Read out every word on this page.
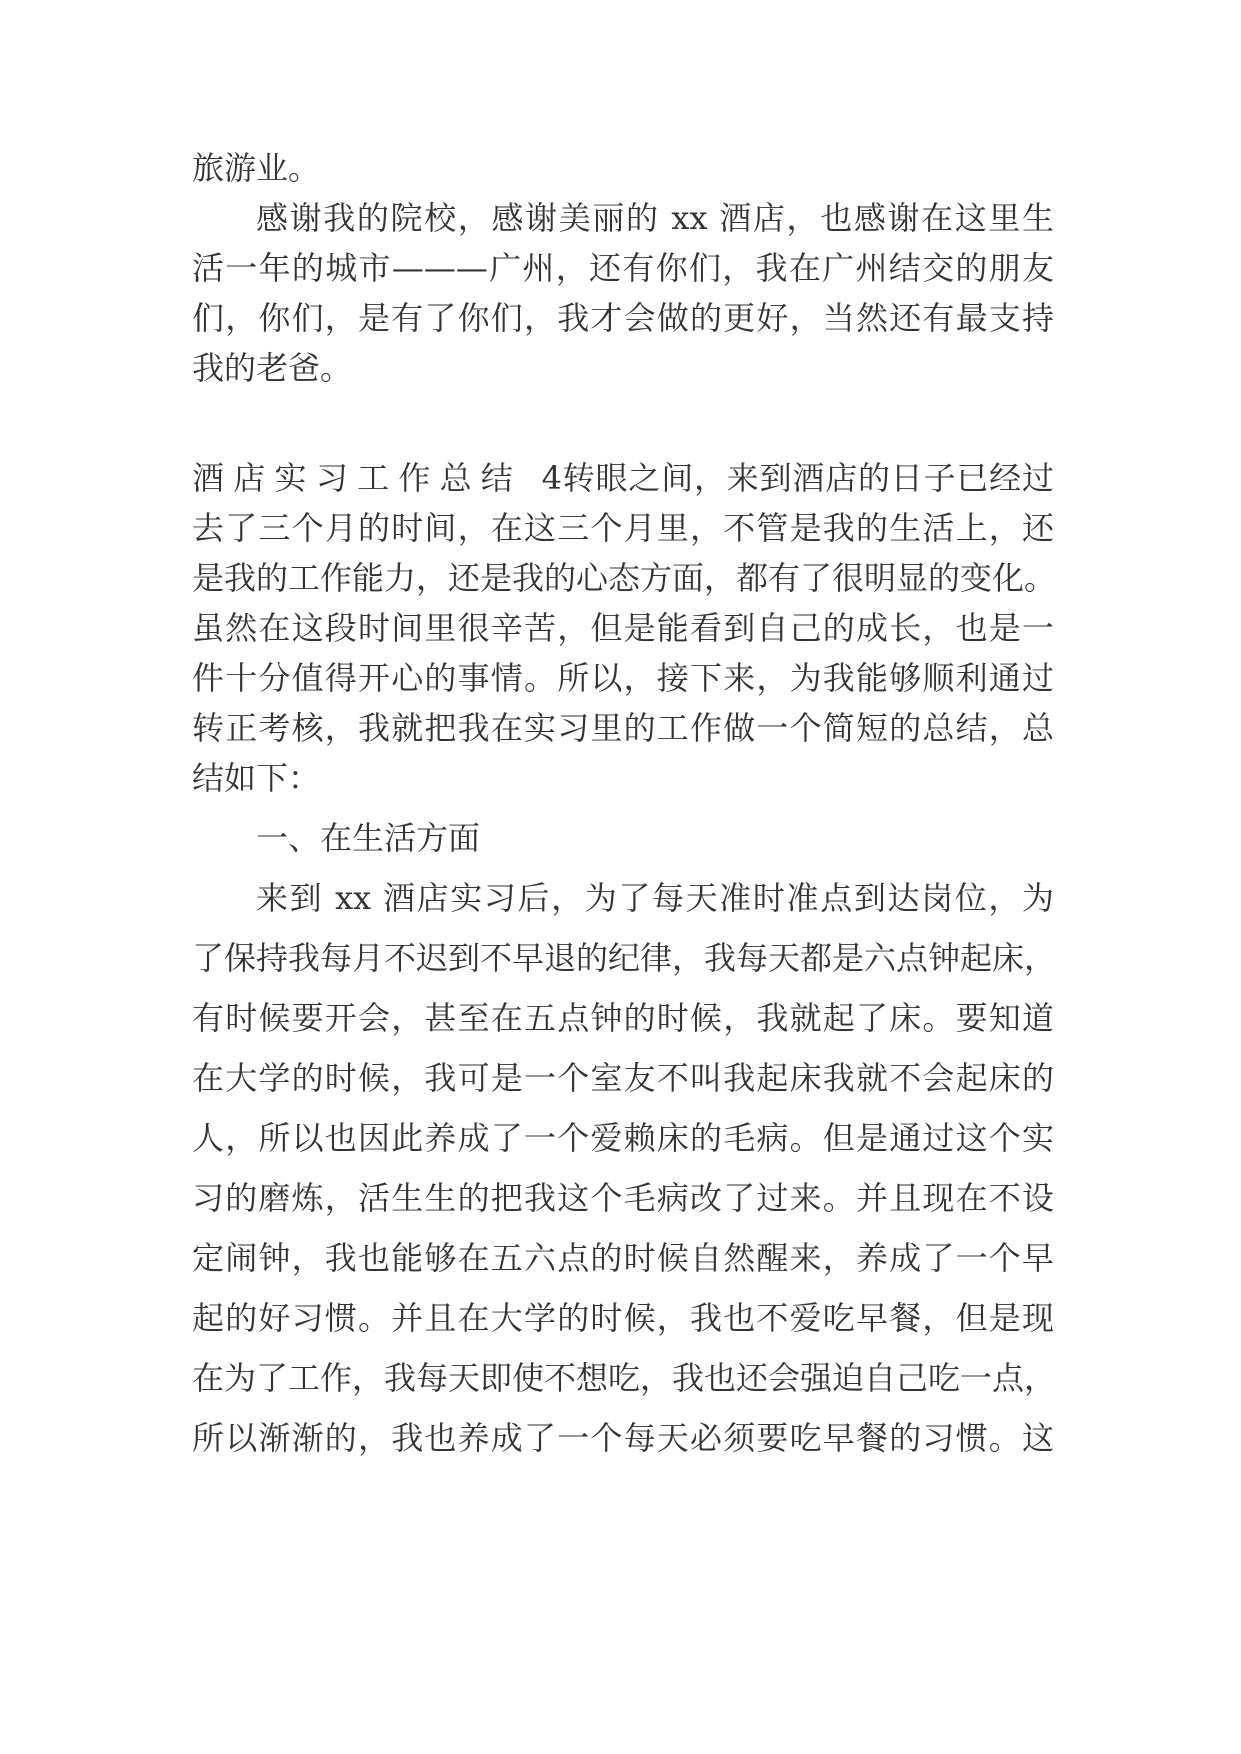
旅游业。
感谢我的院校，感谢美丽的 xx 酒店，也感谢在这里生
活一年的城市———广州，还有你们，我在广州结交的朋友
们，你们，是有了你们，我才会做的更好，当然还有最支持
我的老爸。
酒店实习工作总结 4转眼之间，来到酒店的日子已经过
去了三个月的时间，在这三个月里，不管是我的生活上，还
是我的工作能力，还是我的心态方面，都有了很明显的变化。
虽然在这段时间里很辛苦，但是能看到自己的成长，也是一
件十分值得开心的事情。所以，接下来，为我能够顺利通过
转正考核，我就把我在实习里的工作做一个简短的总结，总
结如下：
一、在生活方面
来到 xx 酒店实习后，为了每天准时准点到达岗位，为
了保持我每月不迟到不早退的纪律，我每天都是六点钟起床，
有时候要开会，甚至在五点钟的时候，我就起了床。要知道
在大学的时候，我可是一个室友不叫我起床我就不会起床的
人，所以也因此养成了一个爱赖床的毛病。但是通过这个实
习的磨炼，活生生的把我这个毛病改了过来。并且现在不设
定闹钟，我也能够在五六点的时候自然醒来，养成了一个早
起的好习惯。并且在大学的时候，我也不爱吃早餐，但是现
在为了工作，我每天即使不想吃，我也还会强迫自己吃一点，
所以渐渐的，我也养成了一个每天必须要吃早餐的习惯。这
